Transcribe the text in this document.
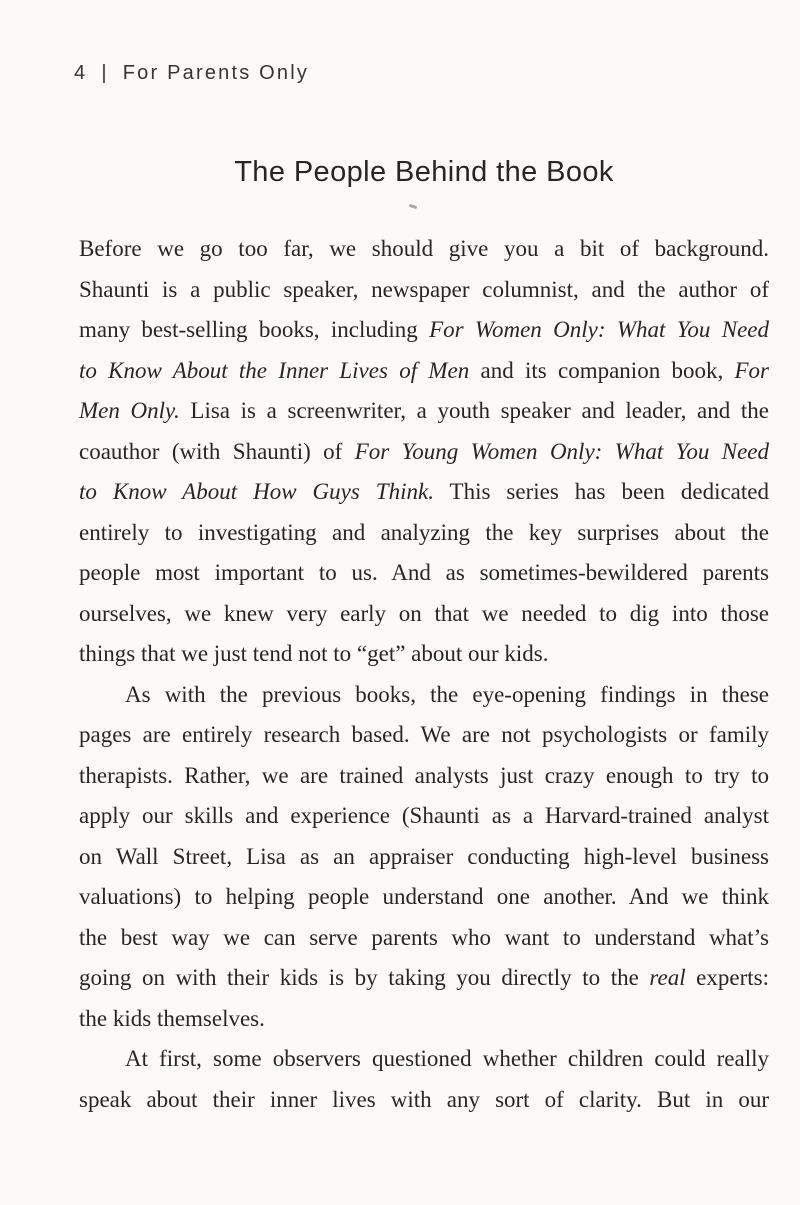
4 | For Parents Only
The People Behind the Book
Before we go too far, we should give you a bit of background.
Shaunti is a public speaker, newspaper columnist, and the author of
many best-selling books, including For Women Only: What You Need
to Know About the Inner Lives of Men and its companion book, For
Men Only. Lisa is a screenwriter, a youth speaker and leader, and the
coauthor (with Shaunti) of For Young Women Only: What You Need
to Know About How Guys Think. This series has been dedicated
entirely to investigating and analyzing the key surprises about the
people most important to us. And as sometimes-bewildered parents
ourselves, we knew very early on that we needed to dig into those
things that we just tend not to “get” about our kids.
As with the previous books, the eye-opening findings in these
pages are entirely research based. We are not psychologists or family
therapists. Rather, we are trained analysts just crazy enough to try to
apply our skills and experience (Shaunti as a Harvard-trained analyst
on Wall Street, Lisa as an appraiser conducting high-level business
valuations) to helping people understand one another. And we think
the best way we can serve parents who want to understand what’s
going on with their kids is by taking you directly to the real experts:
the kids themselves.
At first, some observers questioned whether children could really
speak about their inner lives with any sort of clarity. But in our
